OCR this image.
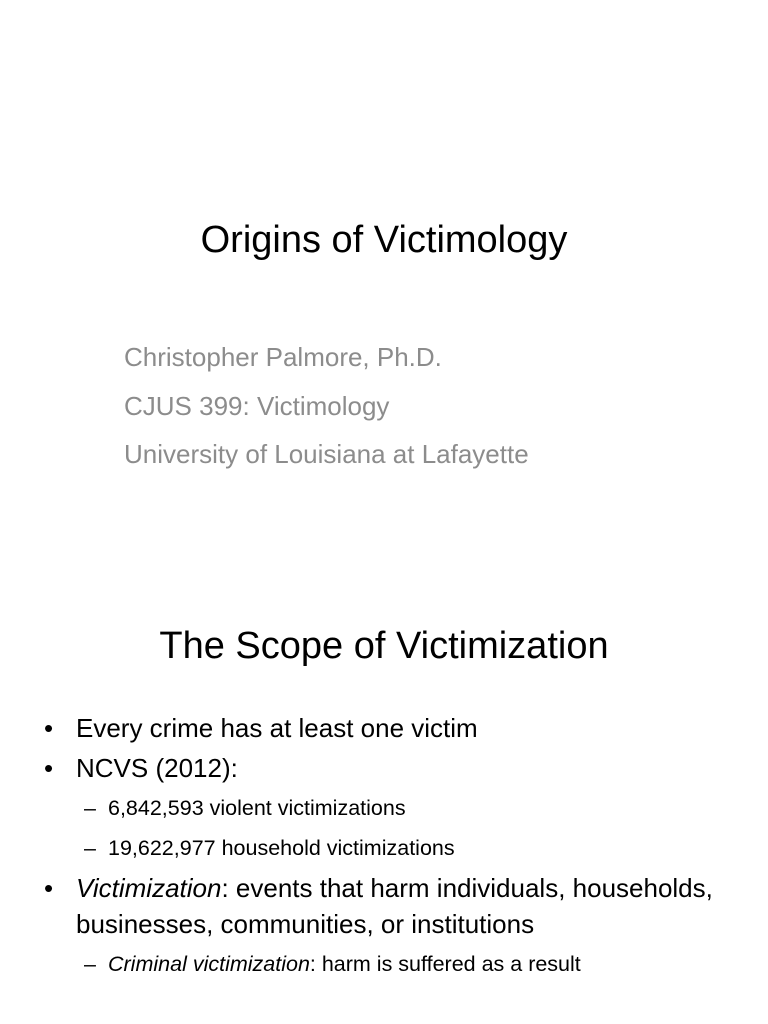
Origins of Victimology
Christopher Palmore, Ph.D.
CJUS 399: Victimology
University of Louisiana at Lafayette
The Scope of Victimization
• Every crime has at least one victim
• NCVS (2012):
– 6,842,593 violent victimizations
– 19,622,977 household victimizations
• Victimization: events that harm individuals, households, businesses, communities, or institutions
– Criminal victimization: harm is suffered as a result
